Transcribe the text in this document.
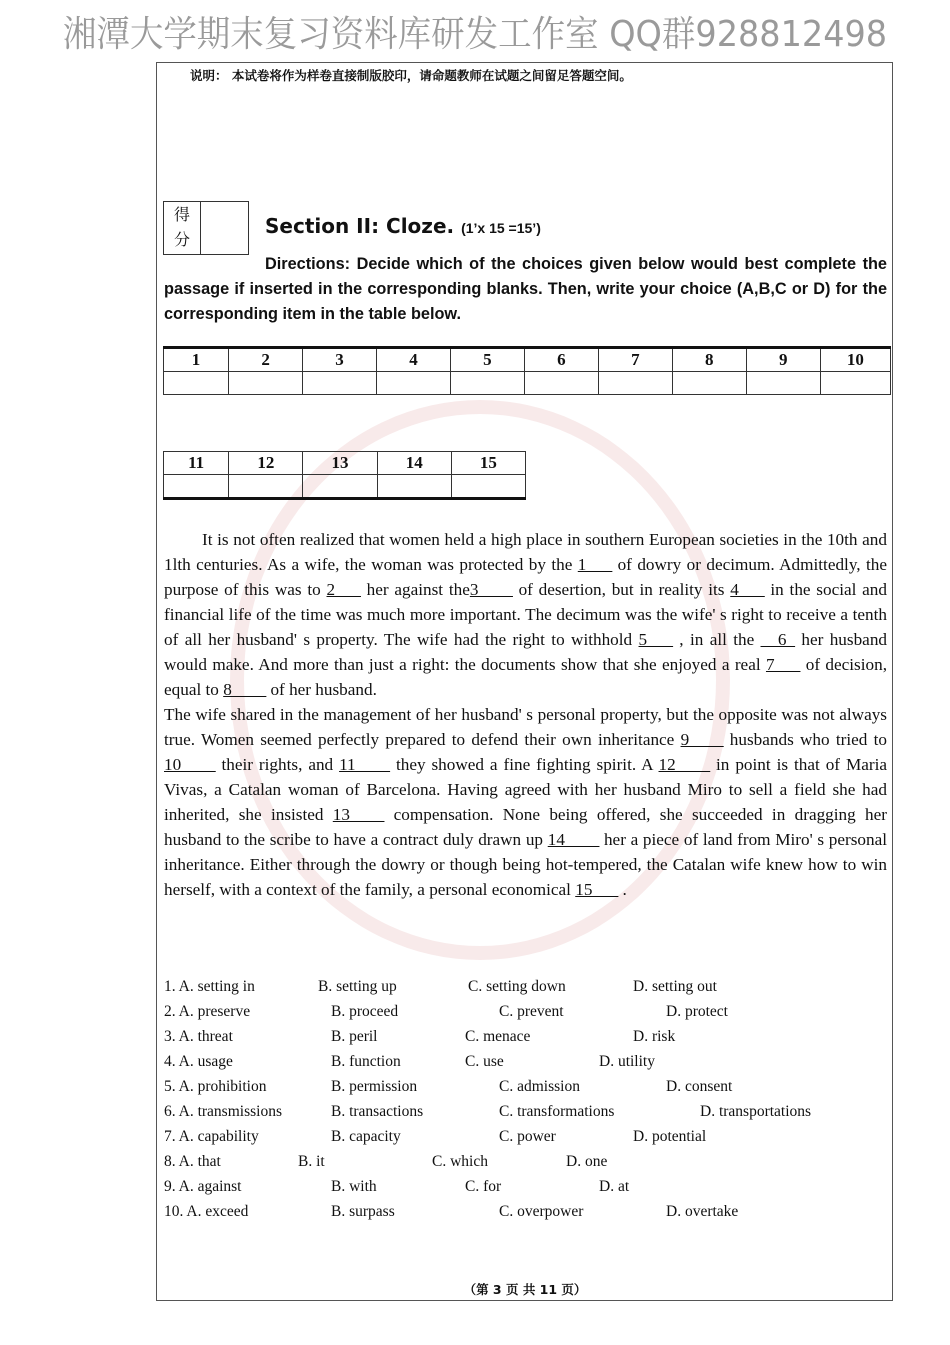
湘潭大学期末复习资料库研发工作室 QQ群928812498
说明： 本试卷将作为样卷直接制版胶印，请命题教师在试题之间留足答题空间。
得
分
Section II: Cloze. (1’x 15 =15’)
Directions: Decide which of the choices given below would best complete the passage if inserted in the corresponding blanks. Then, write your choice (A,B,C or D) for the corresponding item in the table below.
1	2	3	4	5	6	7	8	9	10

11	12	13	14	15

It is not often realized that women held a high place in southern European societies in the 10th and 1lth centuries. As a wife, the woman was protected by the 1___ of dowry or decimum. Admittedly, the purpose of this was to 2___ her against the3____ of desertion, but in reality its 4___ in the social and financial life of the time was much more important. The decimum was the wife' s right to receive a tenth of all her husband' s property. The wife had the right to withhold 5___ , in all the __6_ her husband would make. And more than just a right: the documents show that she enjoyed a real 7___ of decision, equal to 8____ of her husband.

The wife shared in the management of her husband' s personal property, but the opposite was not always true. Women seemed perfectly prepared to defend their own inheritance 9____ husbands who tried to 10____ their rights, and 11____ they showed a fine fighting spirit. A 12____ in point is that of Maria Vivas, a Catalan woman of Barcelona. Having agreed with her husband Miro to sell a field she had inherited, she insisted 13____ compensation. None being offered, she succeeded in dragging her husband to the scribe to have a contract duly drawn up 14____ her a piece of land from Miro' s personal inheritance. Either through the dowry or though being hot-tempered, the Catalan wife knew how to win herself, with a context of the family, a personal economical 15___ .

1. A. setting in	B. setting up	C. setting down	D. setting out
2. A. preserve	B. proceed	C. prevent	D. protect
3. A. threat	B. peril	C. menace	D. risk
4. A. usage	B. function	C. use	D. utility
5. A. prohibition	B. permission	C. admission	D. consent
6. A. transmissions	B. transactions	C. transformations	D. transportations
7. A. capability	B. capacity	C. power	D. potential
8. A. that	B. it	C. which	D. one
9. A. against	B. with	C. for	D. at
10. A. exceed	B. surpass	C. overpower	D. overtake
（第 3 页 共 11 页）
